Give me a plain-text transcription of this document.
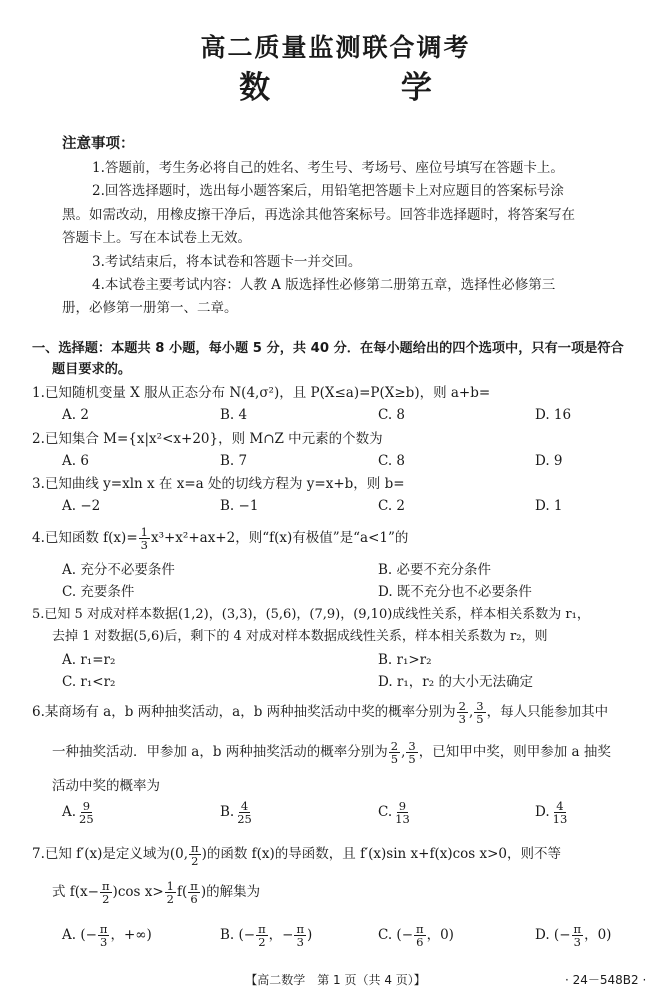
高二质量监测联合调考
数 学
注意事项：
1.答题前，考生务必将自己的姓名、考生号、考场号、座位号填写在答题卡上。
2.回答选择题时，选出每小题答案后，用铅笔把答题卡上对应题目的答案标号涂
黑。如需改动，用橡皮擦干净后，再选涂其他答案标号。回答非选择题时，将答案写在
答题卡上。写在本试卷上无效。
3.考试结束后，将本试卷和答题卡一并交回。
4.本试卷主要考试内容：人教 A 版选择性必修第二册第五章，选择性必修第三
册，必修第一册第一、二章。
一、选择题：本题共 8 小题，每小题 5 分，共 40 分．在每小题给出的四个选项中，只有一项是符合
题目要求的。
1.已知随机变量 X 服从正态分布 N(4,σ²)，且 P(X≤a)=P(X≥b)，则 a+b=
A. 2	B. 4	C. 8	D. 16
2.已知集合 M={x|x²<x+20}，则 M∩Z 中元素的个数为
A. 6	B. 7	C. 8	D. 9
3.已知曲线 y=xln x 在 x=a 处的切线方程为 y=x+b，则 b=
A. −2	B. −1	C. 2	D. 1
4.已知函数 $f(x)= \frac{1}{3} x^3+x^2+ax+2$，则“f(x)有极值”是“a<1”的
A. 充分不必要条件	B. 必要不充分条件
C. 充要条件	D. 既不充分也不必要条件
5.已知 5 对成对样本数据(1,2)，(3,3)，(5,6)，(7,9)，(9,10)成线性关系，样本相关系数为 r₁，
去掉 1 对数据(5,6)后，剩下的 4 对成对样本数据成线性关系，样本相关系数为 r₂，则
A. r₁=r₂	B. r₁>r₂
C. r₁<r₂	D. r₁，r₂ 的大小无法确定
6.某商场有 a，b 两种抽奖活动，a，b 两种抽奖活动中奖的概率分别为 $\frac{2}{3}$ , $\frac{3}{5}$ ，每人只能参加其中
一种抽奖活动．甲参加 a，b 两种抽奖活动的概率分别为 $\frac{2}{5}$ , $\frac{3}{5}$ ，已知甲中奖，则甲参加 a 抽奖
活动中奖的概率为
A. $\frac{9}{25}$	B. $\frac{4}{25}$	C. $\frac{9}{13}$	D. $\frac{4}{13}$
7.已知 f′(x)是定义域为(0, $\frac{\pi}{2}$ )的函数 f(x)的导函数，且 f′(x)sin x+f(x)cos x>0，则不等
式 $f(x- \frac{\pi}{2} )\cos$ $x> \frac{1}{2} f( \frac{\pi}{6}$ )的解集为
A. (− $\frac{\pi}{3}$ ，+∞)	B. (− $\frac{\pi}{2}$ ，− $\frac{\pi}{3}$ )	C. (− $\frac{\pi}{6}$ ，0)	D. (− $\frac{\pi}{3}$ ，0)
【高二数学　第 1 页（共 4 页）】	· 24－548B2 ·
